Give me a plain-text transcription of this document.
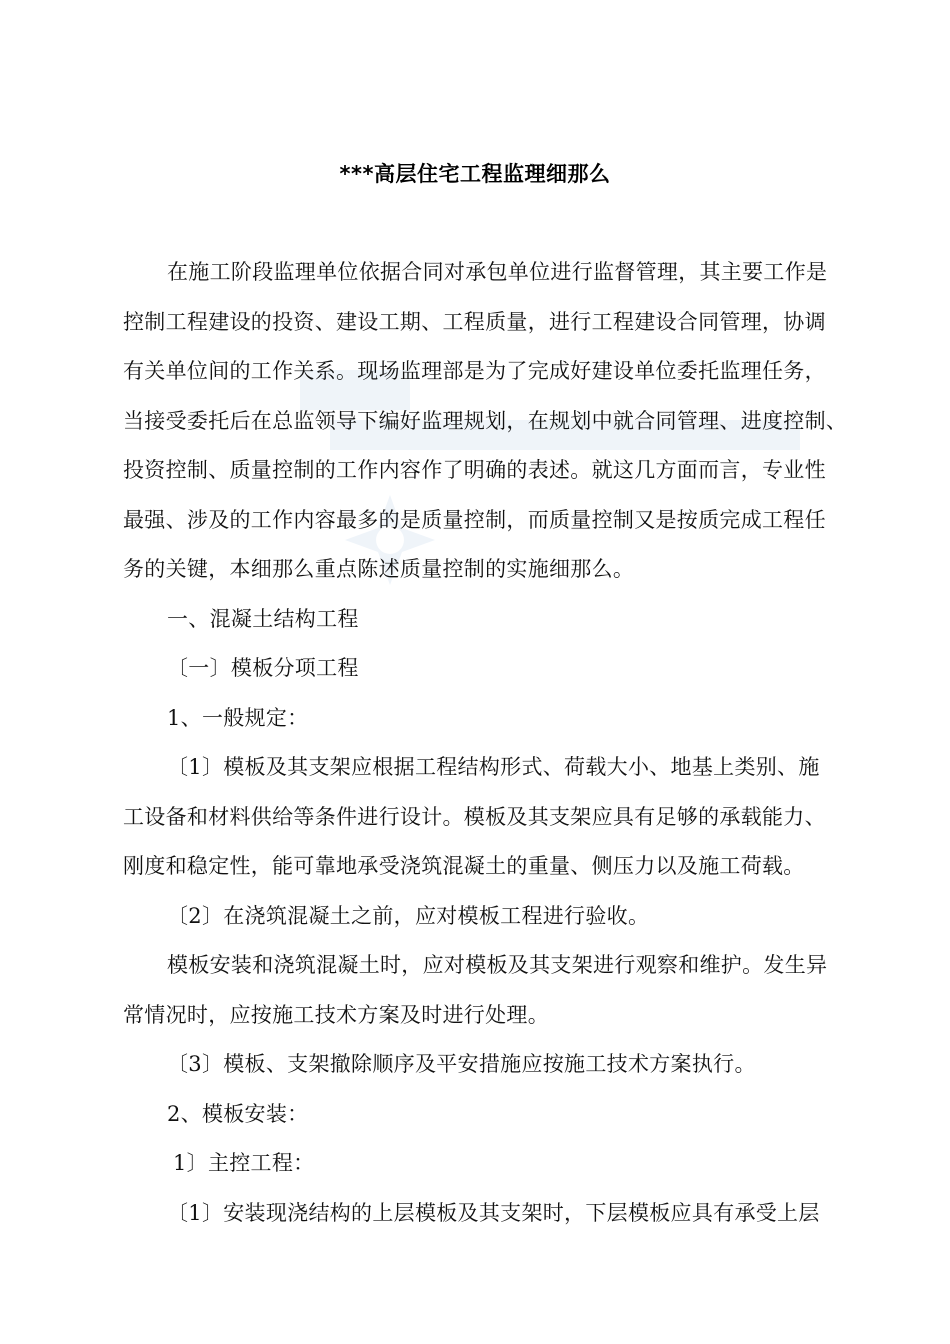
***高层住宅工程监理细那么

在施工阶段监理单位依据合同对承包单位进行监督管理，其主要工作是

控制工程建设的投资、建设工期、工程质量，进行工程建设合同管理，协调

有关单位间的工作关系。现场监理部是为了完成好建设单位委托监理任务，

当接受委托后在总监领导下编好监理规划，在规划中就合同管理、进度控制、

投资控制、质量控制的工作内容作了明确的表述。就这几方面而言，专业性

最强、涉及的工作内容最多的是质量控制，而质量控制又是按质完成工程任

务的关键，本细那么重点陈述质量控制的实施细那么。

一、混凝土结构工程

〔一〕模板分项工程

1、一般规定：

〔1〕模板及其支架应根据工程结构形式、荷载大小、地基上类别、施

工设备和材料供给等条件进行设计。模板及其支架应具有足够的承载能力、

刚度和稳定性，能可靠地承受浇筑混凝土的重量、侧压力以及施工荷载。

〔2〕在浇筑混凝土之前，应对模板工程进行验收。

模板安装和浇筑混凝土时，应对模板及其支架进行观察和维护。发生异

常情况时，应按施工技术方案及时进行处理。

〔3〕模板、支架撤除顺序及平安措施应按施工技术方案执行。

2、模板安装：

1〕主控工程：

〔1〕安装现浇结构的上层模板及其支架时，下层模板应具有承受上层
